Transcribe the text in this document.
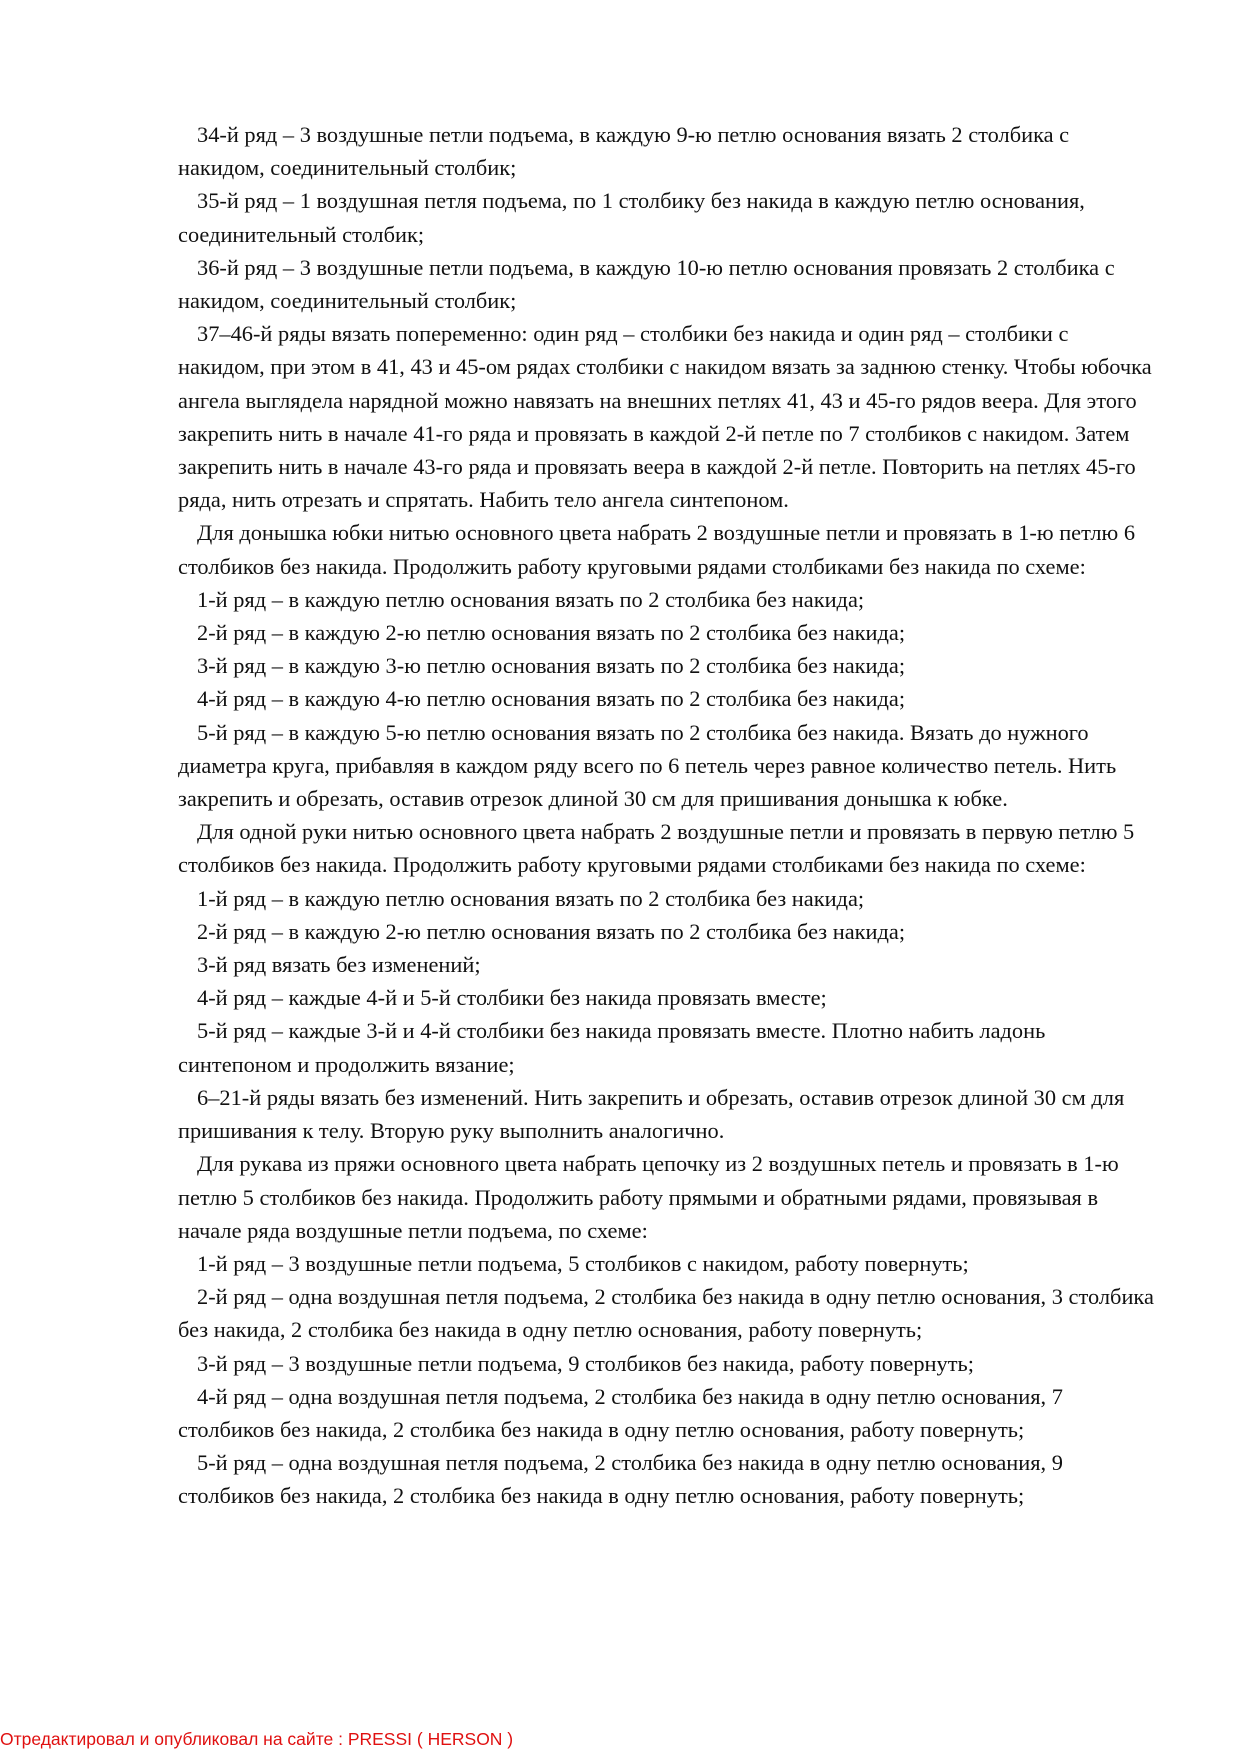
34-й ряд – 3 воздушные петли подъема, в каждую 9-ю петлю основания вязать 2 столбика с накидом, соединительный столбик;

35-й ряд – 1 воздушная петля подъема, по 1 столбику без накида в каждую петлю основания, соединительный столбик;

36-й ряд – 3 воздушные петли подъема, в каждую 10-ю петлю основания провязать 2 столбика с накидом, соединительный столбик;

37–46-й ряды вязать попеременно: один ряд – столбики без накида и один ряд – столбики с накидом, при этом в 41, 43 и 45-ом рядах столбики с накидом вязать за заднюю стенку. Чтобы юбочка ангела выглядела нарядной можно навязать на внешних петлях 41, 43 и 45-го рядов веера. Для этого закрепить нить в начале 41-го ряда и провязать в каждой 2-й петле по 7 столбиков с накидом. Затем закрепить нить в начале 43-го ряда и провязать веера в каждой 2-й петле. Повторить на петлях 45-го ряда, нить отрезать и спрятать. Набить тело ангела синтепоном.

Для донышка юбки нитью основного цвета набрать 2 воздушные петли и провязать в 1-ю петлю 6 столбиков без накида. Продолжить работу круговыми рядами столбиками без накида по схеме:

1-й ряд – в каждую петлю основания вязать по 2 столбика без накида;

2-й ряд – в каждую 2-ю петлю основания вязать по 2 столбика без накида;

3-й ряд – в каждую 3-ю петлю основания вязать по 2 столбика без накида;

4-й ряд – в каждую 4-ю петлю основания вязать по 2 столбика без накида;

5-й ряд – в каждую 5-ю петлю основания вязать по 2 столбика без накида. Вязать до нужного диаметра круга, прибавляя в каждом ряду всего по 6 петель через равное количество петель. Нить закрепить и обрезать, оставив отрезок длиной 30 см для пришивания донышка к юбке.

Для одной руки нитью основного цвета набрать 2 воздушные петли и провязать в первую петлю 5 столбиков без накида. Продолжить работу круговыми рядами столбиками без накида по схеме:

1-й ряд – в каждую петлю основания вязать по 2 столбика без накида;

2-й ряд – в каждую 2-ю петлю основания вязать по 2 столбика без накида;

3-й ряд вязать без изменений;

4-й ряд – каждые 4-й и 5-й столбики без накида провязать вместе;

5-й ряд – каждые 3-й и 4-й столбики без накида провязать вместе. Плотно набить ладонь синтепоном и продолжить вязание;

6–21-й ряды вязать без изменений. Нить закрепить и обрезать, оставив отрезок длиной 30 см для пришивания к телу. Вторую руку выполнить аналогично.

Для рукава из пряжи основного цвета набрать цепочку из 2 воздушных петель и провязать в 1-ю петлю 5 столбиков без накида. Продолжить работу прямыми и обратными рядами, провязывая в начале ряда воздушные петли подъема, по схеме:

1-й ряд – 3 воздушные петли подъема, 5 столбиков с накидом, работу повернуть;

2-й ряд – одна воздушная петля подъема, 2 столбика без накида в одну петлю основания, 3 столбика без накида, 2 столбика без накида в одну петлю основания, работу повернуть;

3-й ряд – 3 воздушные петли подъема, 9 столбиков без накида, работу повернуть;

4-й ряд – одна воздушная петля подъема, 2 столбика без накида в одну петлю основания, 7 столбиков без накида, 2 столбика без накида в одну петлю основания, работу повернуть;

5-й ряд – одна воздушная петля подъема, 2 столбика без накида в одну петлю основания, 9 столбиков без накида, 2 столбика без накида в одну петлю основания, работу повернуть;

Отредактировал и опубликовал на сайте : PRESSI ( HERSON )
